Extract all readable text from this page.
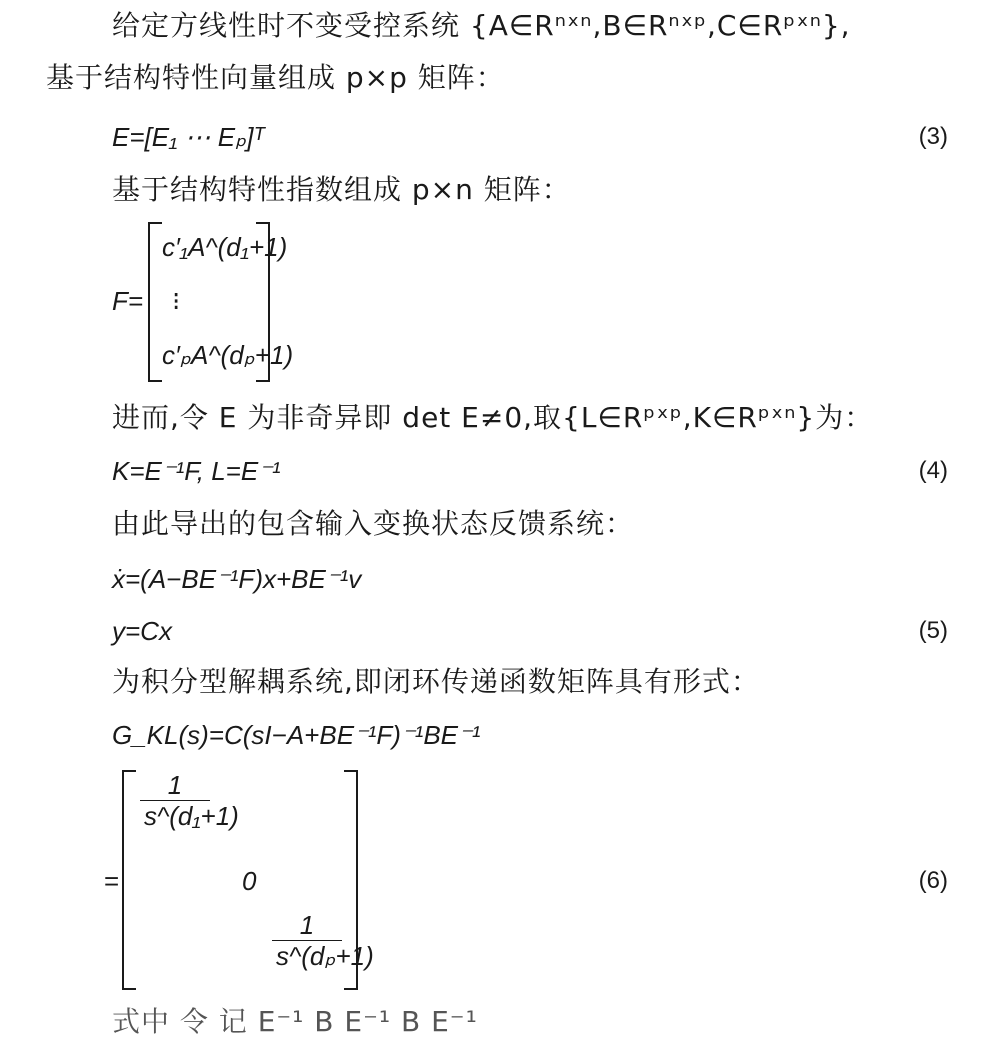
给定方线性时不变受控系统 {A∈Rⁿˣⁿ,B∈Rⁿˣᵖ,C∈Rᵖˣⁿ},
基于结构特性向量组成 p×p 矩阵：
E=[E₁ ⋯ Eₚ]ᵀ	(3)
基于结构特性指数组成 p×n 矩阵：
F=
c′₁A^(d₁+1)
⁝
c′ₚA^(dₚ+1)
进而,令 E 为非奇异即 det E≠0,取{L∈Rᵖˣᵖ,K∈Rᵖˣⁿ}为：
K=E⁻¹F, L=E⁻¹	(4)
由此导出的包含输入变换状态反馈系统：
ẋ=(A−BE⁻¹F)x+BE⁻¹v
y=Cx	(5)
为积分型解耦系统,即闭环传递函数矩阵具有形式：
G_KL(s)=C(sI−A+BE⁻¹F)⁻¹BE⁻¹
=
1
s^(d₁+1)
0
1
s^(dₚ+1)
(6)
式中 令 记 E⁻¹ B E⁻¹ B E⁻¹
